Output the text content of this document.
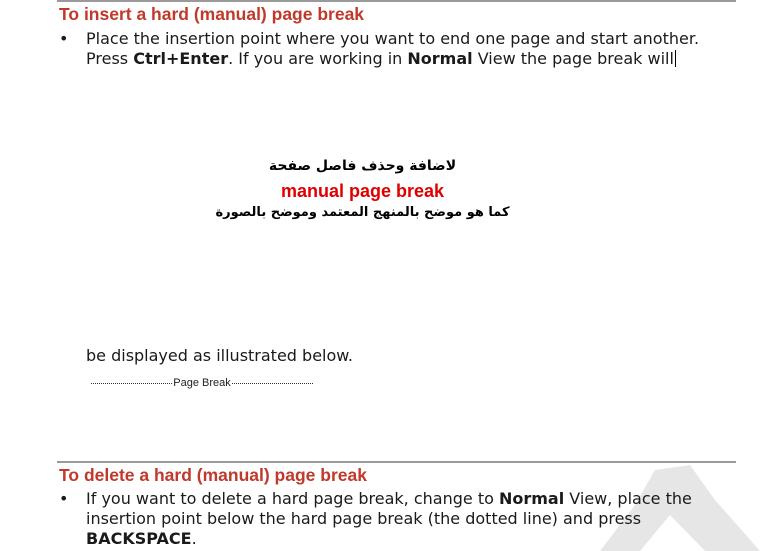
To insert a hard (manual) page break
• Place the insertion point where you want to end one page and start another.

Press Ctrl+Enter. If you are working in Normal View the page break will

لاضافة وحذف فاصل صفحة
manual page break
كما هو موضح بالمنهج المعتمد وموضح بالصورة

be displayed as illustrated below.

Page Break
To delete a hard (manual) page break
• If you want to delete a hard page break, change to Normal View, place the

insertion point below the hard page break (the dotted line) and press

BACKSPACE.
